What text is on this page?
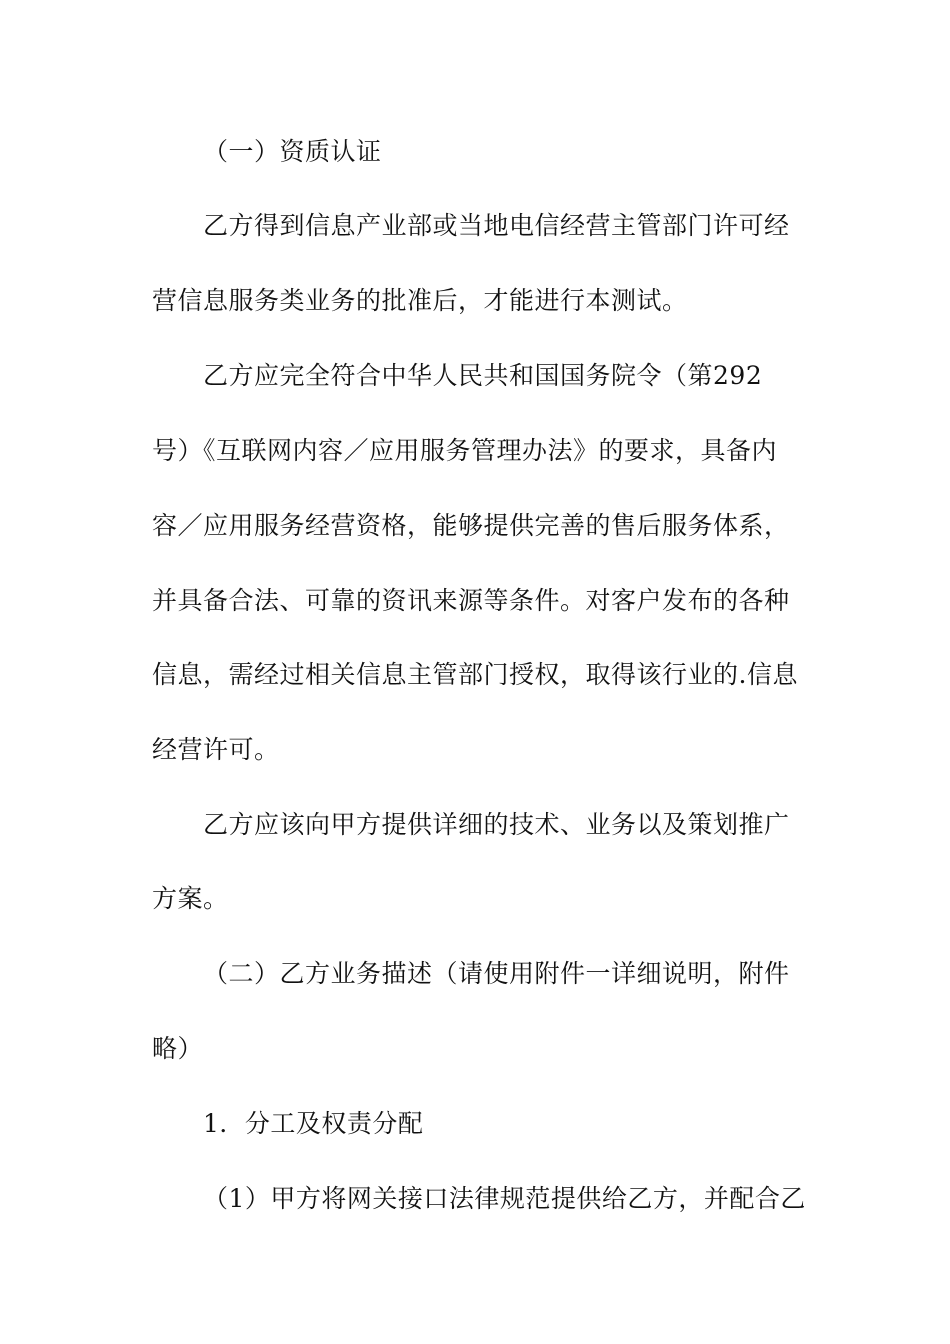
（一）资质认证
乙方得到信息产业部或当地电信经营主管部门许可经
营信息服务类业务的批准后，才能进行本测试。
乙方应完全符合中华人民共和国国务院令（第292
号）《互联网内容／应用服务管理办法》的要求，具备内
容／应用服务经营资格，能够提供完善的售后服务体系，
并具备合法、可靠的资讯来源等条件。对客户发布的各种
信息，需经过相关信息主管部门授权，取得该行业的.信息
经营许可。
乙方应该向甲方提供详细的技术、业务以及策划推广
方案。
（二）乙方业务描述（请使用附件一详细说明，附件
略）
1．分工及权责分配
（1）甲方将网关接口法律规范提供给乙方，并配合乙
